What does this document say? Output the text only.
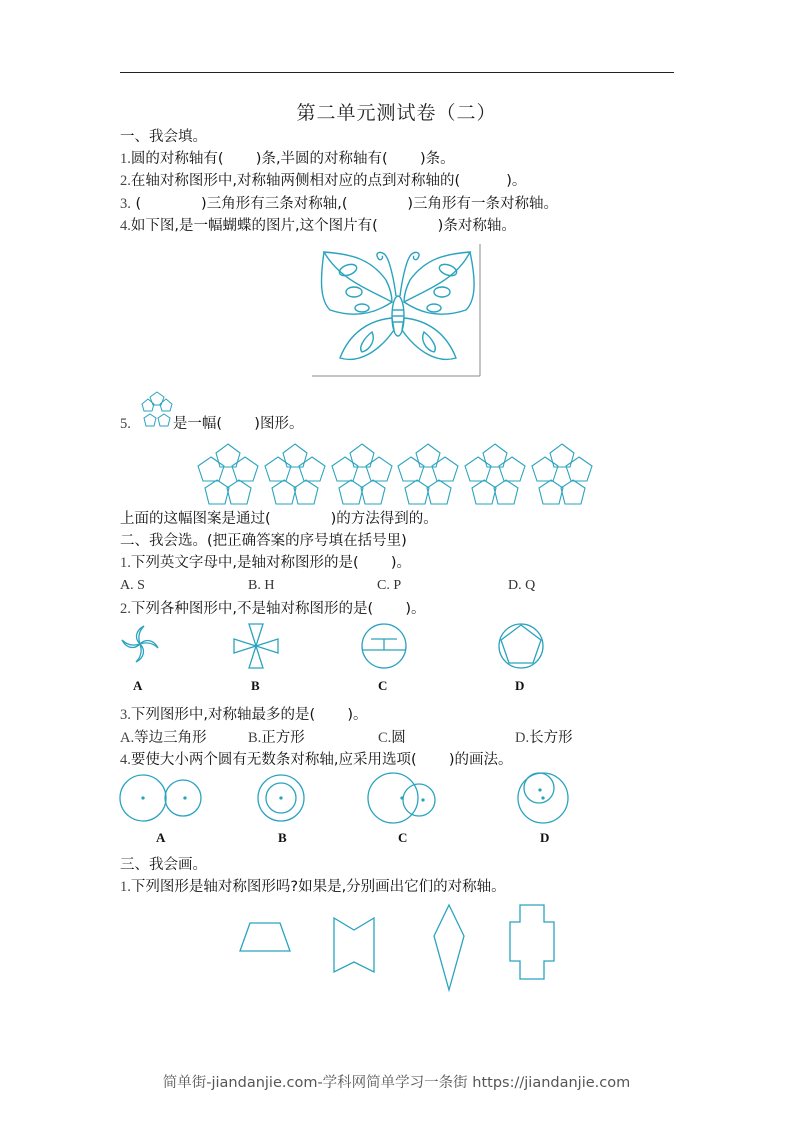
第二单元测试卷（二）
一、我会填。
1.圆的对称轴有(       )条,半圆的对称轴有(       )条。
2.在轴对称图形中,对称轴两侧相对应的点到对称轴的(          )。
3. (             )三角形有三条对称轴,(             )三角形有一条对称轴。
4.如下图,是一幅蝴蝶的图片,这个图片有(             )条对称轴。
5.	是一幅(       )图形。
上面的这幅图案是通过(             )的方法得到的。
二、我会选。(把正确答案的序号填在括号里)
1.下列英文字母中,是轴对称图形的是(       )。
A. S	B. H	C. P	D. Q
2.下列各种图形中,不是轴对称图形的是(       )。
A	B	C	D
3.下列图形中,对称轴最多的是(       )。
A.等边三角形	B.正方形	C.圆	D.长方形
4.要使大小两个圆有无数条对称轴,应采用选项(       )的画法。
A	B	C	D
三、我会画。
1.下列图形是轴对称图形吗?如果是,分别画出它们的对称轴。
简单街-jiandanjie.com-学科网简单学习一条街 https://jiandanjie.com
